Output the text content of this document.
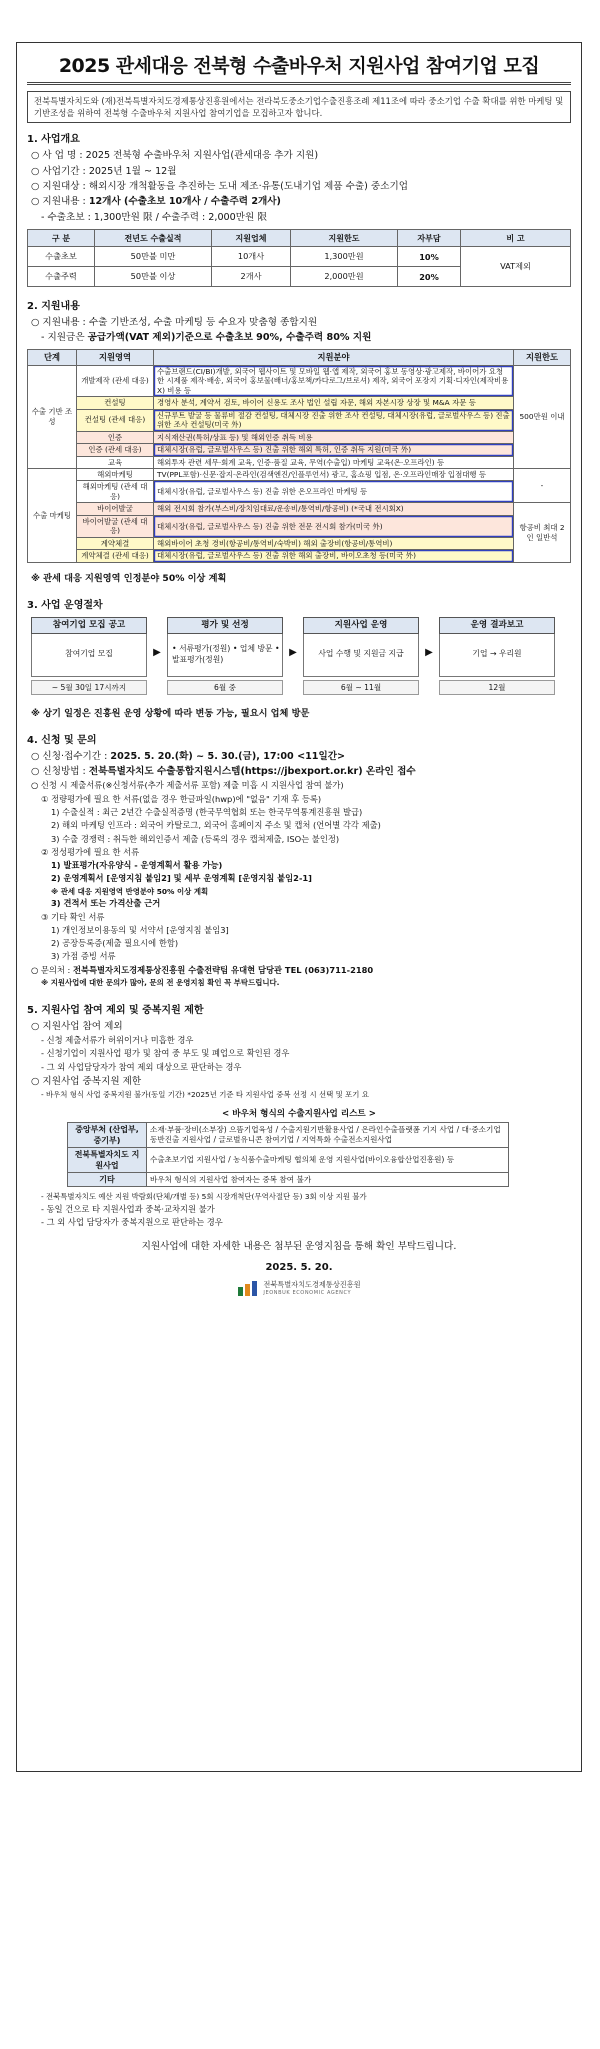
2025 관세대응 전북형 수출바우처 지원사업 참여기업 모집
전북특별자치도와 (재)전북특별자치도경제통상진흥원에서는 전라북도중소기업수출진흥조례 제11조에 따라 중소기업 수출 확대를 위한 마케팅 및 기반조성을 위하여 전북형 수출바우처 지원사업 참여기업을 모집하고자 합니다.
1. 사업개요
○ 사 업 명 : 2025 전북형 수출바우처 지원사업(관세대응 추가 지원)
○ 사업기간 : 2025년 1월 ~ 12월
○ 지원대상 : 해외시장 개척활동을 추진하는 도내 제조·유통(도내기업 제품 수출) 중소기업
○ 지원내용 : 12개사 (수출초보 10개사 / 수출주력 2개사)
- 수출초보 : 1,300만원 限 / 수출주력 : 2,000만원 限
구 분	전년도 수출실적	지원업체	지원한도	자부담	비 고
수출초보	50만불 미만	10개사	1,300만원	10%	VAT제외
수출주력	50만불 이상	2개사	2,000만원	20%	
2. 지원내용
○ 지원내용 : 수출 기반조성, 수출 마케팅 등 수요자 맞춤형 종합지원
- 지원금은 공급가액(VAT 제외)기준으로 수출초보 90%, 수출주력 80% 지원
단계	지원영역	지원분야	지원한도
수출 기반 조성	개발제작 (관세 대응)	수출브랜드(CI/BI)개발, 외국어 웹사이트 및 모바일 웹·앱 제작, 외국어 홍보 동영상·광고제작, 바이어가 요청한 시제품 제작·배송, 외국어 홍보물(배너/홍보책/카다로그/브로셔) 제작, 외국어 포장지 기획·디자인(제작비용X) 비용 등	500만원 이내
	컨설팅	경영사 분석, 계약서 검토, 바이어 신용도 조사 법인 설립 자문, 해외 자본시장 상장 및 M&A 자문 등	
	컨설팅 (관세 대응)	신규루트 발굴 등 물류비 절감 컨설팅, 대체시장 진출 위한 조사 컨설팅, 대체시장(유럽, 글로벌사우스 등) 진출 위한 조사 컨설팅(미국 外)	
	인증	지식재산권(특허/상표 등) 및 해외인증 취득 비용	
	인증 (관세 대응)	대체시장(유럽, 글로벌사우스 등) 진출 위한 해외 특허, 인증 취득 지원(미국 外)	
	교육	해외투자 관련 세무·회계 교육, 인증·품질 교육, 무역(수출입) 마케팅 교육(온·오프라인) 등	
수출 마케팅	해외마케팅	TV(PPL포함)·신문·잡지·온라인(검색엔진/인플루언서) 광고, 홈쇼핑 입점, 온·오프라인매장 입점대행 등	-
	해외마케팅 (관세 대응)	대체시장(유럽, 글로벌사우스 등) 진출 위한 온오프라인 마케팅 등	
	바이어발굴	해외 전시회 참가(부스비/장치임대료/운송비/통역비/항공비) (*국내 전시회X)	항공비 최대 2인 일반석
	바이어발굴 (관세 대응)	대체시장(유럽, 글로벌사우스 등) 진출 위한 전문 전시회 참가(미국 外)	
	계약체결	해외바이어 초청 경비(항공비/통역비/숙박비) 해외 출장비(항공비/통역비)	
	계약체결 (관세 대응)	대체시장(유럽, 글로벌사우스 등) 진출 위한 해외 출장비, 바이오초청 등(미국 外)	
※ 관세 대응 지원영역 인정분야 50% 이상 계획
3. 사업 운영절차
참여기업 모집 공고
참여기업 모집
~ 5월 30일 17시까지
▶
평가 및 선정
• 서류평가(정원) • 업체 방문 • 발표평가(정원)
6월 중
▶
지원사업 운영
사업 수행 및 지원금 지급
6월 ~ 11월
▶
운영 결과보고
기업 → 우리원
12월
※ 상기 일정은 진흥원 운영 상황에 따라 변동 가능, 필요시 업체 방문
4. 신청 및 문의
○ 신청·접수기간 : 2025. 5. 20.(화) ~ 5. 30.(금), 17:00 <11일간>
○ 신청방법 : 전북특별자치도 수출통합지원시스템(https://jbexport.or.kr) 온라인 접수
○ 신청 시 제출서류(※신청서류(추가 제출서류 포함) 제출 미흡 시 지원사업 참여 불가)
① 정량평가에 필요 한 서류(없을 경우 한글파일(hwp)에 "없음" 기재 후 등록)
1) 수출실적 : 최근 2년간 수출실적증명 (한국무역협회 또는 한국무역통계진흥원 발급)
2) 해외 마케팅 인프라 : 외국어 카탈로그, 외국어 홈페이지 주소 및 캡처 (언어별 각각 제출)
3) 수출 경쟁력 : 취득한 해외인증서 제출 (등록의 경우 캡쳐제출, ISO는 불인정)
② 정성평가에 필요 한 서류
1) 발표평가(자유양식 - 운영계획서 활용 가능)
2) 운영계획서 [운영지침 붙임2] 및 세부 운영계획 [운영지침 붙임2-1]
※ 관세 대응 지원영역 반영분야 50% 이상 계획
3) 견적서 또는 가격산출 근거
③ 기타 확인 서류
1) 개인정보이용동의 및 서약서 [운영지침 붙임3]
2) 공장등록증(제출 필요시에 한함)
3) 가점 증빙 서류
○ 문의처 : 전북특별자치도경제통상진흥원 수출전략팀 유대현 담당관 TEL (063)711-2180
※ 지원사업에 대한 문의가 많아, 문의 전 운영지침 확인 꼭 부탁드립니다.
5. 지원사업 참여 제외 및 중복지원 제한
○ 지원사업 참여 제외
- 신청 제출서류가 허위이거나 미흡한 경우
- 신청기업이 지원사업 평가 및 참여 중 부도 및 폐업으로 확인된 경우
- 그 외 사업담당자가 참여 제외 대상으로 판단하는 경우
○ 지원사업 중복지원 제한
- 바우처 형식 사업 중복지원 불가(동일 기간) *2025년 기준 타 지원사업 중복 선정 시 선택 및 포기 요
< 바우처 형식의 수출지원사업 리스트 >
중앙부처 (산업부, 중기부)	소재·부품·장비(소부장) 으뜸기업육성 / 수출지원기반활용사업 / 온라인수출플랫폼 기지 사업 / 대·중소기업 동반진출 지원사업 / 글로벌유니콘 참여기업 / 지역특화 수출전소지원사업
전북특별자치도 지원사업	수출초보기업 지원사업 / 농식품수출마케팅 협의체 운영 지원사업(바이오융합산업진흥원) 등
기타	바우처 형식의 지원사업 참여자는 중복 참여 불가
- 전북특별자치도 예산 지원 박람회(단체/개별 등) 5회 시장개척단(무역사절단 등) 3회 이상 지원 불가
- 동일 건으로 타 지원사업과 중복·교차지원 불가
- 그 외 사업 담당자가 중복지원으로 판단하는 경우
지원사업에 대한 자세한 내용은 첨부된 운영지침을 통해 확인 부탁드립니다.
2025. 5. 20.
전북특별자치도경제통상진흥원
JEONBUK ECONOMIC AGENCY
